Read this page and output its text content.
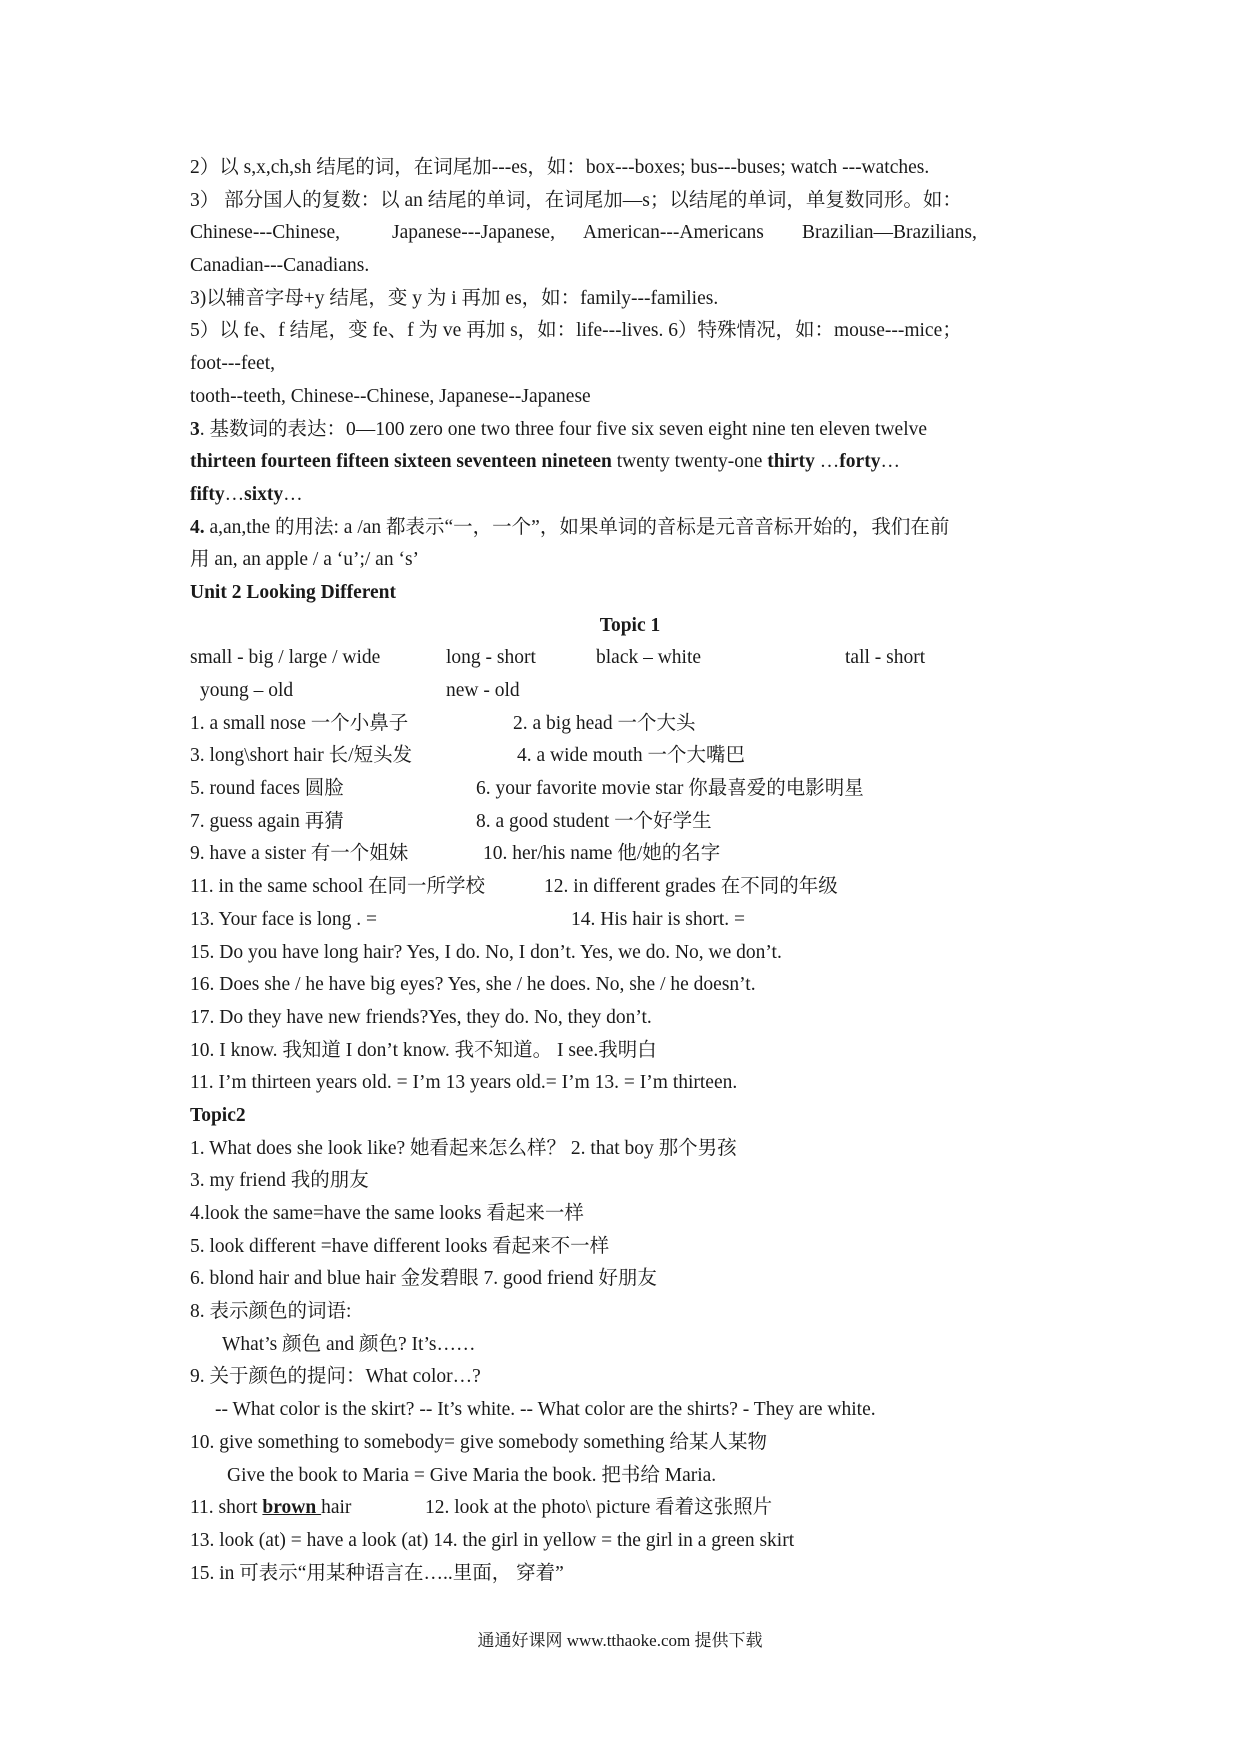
2）以 s,x,ch,sh 结尾的词，在词尾加---es，如：box---boxes; bus---buses; watch ---watches.
3） 部分国人的复数：以 an 结尾的单词，在词尾加—s；以结尾的单词，单复数同形。如：
Chinese---Chinese,	Japanese---Japanese, American---Americans Brazilian—Brazilians,
Canadian---Canadians.
3)以辅音字母+y 结尾，变 y 为 i 再加 es，如：family---families.
5）以 fe、f 结尾，变 fe、f 为 ve 再加 s，如：life---lives. 6）特殊情况，如：mouse---mice；
foot---feet,
tooth--teeth, Chinese--Chinese, Japanese--Japanese
3. 基数词的表达：0—100 zero one two three four five six seven eight nine ten eleven twelve
thirteen fourteen fifteen sixteen seventeen nineteen twenty twenty-one thirty …forty…
fifty…sixty…
4. a,an,the 的用法: a /an 都表示“一，一个”，如果单词的音标是元音音标开始的，我们在前
用 an, an apple / a ‘u’;/ an ‘s’
Unit 2 Looking Different
Topic 1
small - big / large / wide	long - short	black – white	tall - short
young – old	new - old
1. a small nose 一个小鼻子	2. a big head 一个大头
3. long\short hair 长/短头发	4. a wide mouth 一个大嘴巴
5. round faces 圆脸	6. your favorite movie star 你最喜爱的电影明星
7. guess again 再猜	8. a good student 一个好学生
9. have a sister 有一个姐妹	10. her/his name 他/她的名字
11. in the same school 在同一所学校	12. in different grades 在不同的年级
13. Your face is long . =	14. His hair is short. =
15. Do you have long hair? Yes, I do. No, I don’t. Yes, we do. No, we don’t.
16. Does she / he have big eyes? Yes, she / he does. No, she / he doesn’t.
17. Do they have new friends?Yes, they do. No, they don’t.
10. I know. 我知道 I don’t know. 我不知道。 I see.我明白
11. I’m thirteen years old. = I’m 13 years old.= I’m 13. = I’m thirteen.
Topic2
1. What does she look like? 她看起来怎么样？ 2. that boy 那个男孩
3. my friend 我的朋友
4.look the same=have the same looks 看起来一样
5. look different =have different looks 看起来不一样
6. blond hair and blue hair 金发碧眼 7. good friend 好朋友
8. 表示颜色的词语:
What’s 颜色 and 颜色? It’s……
9. 关于颜色的提问：What color…?
-- What color is the skirt? -- It’s white. -- What color are the shirts? - They are white.
10. give something to somebody= give somebody something 给某人某物
Give the book to Maria = Give Maria the book. 把书给 Maria.
11. short brown hair	12. look at the photo\ picture 看着这张照片
13. look (at) = have a look (at) 14. the girl in yellow = the girl in a green skirt
15. in 可表示“用某种语言在…..里面， 穿着”
通通好课网 www.tthaoke.com 提供下载
